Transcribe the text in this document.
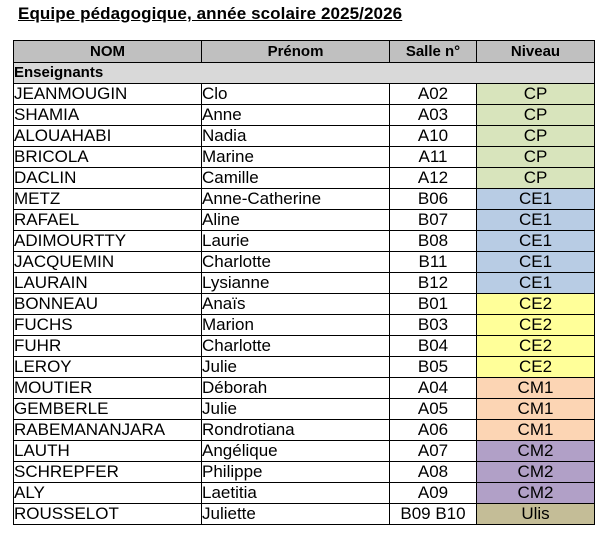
Equipe pédagogique, année scolaire 2025/2026
NOM	Prénom	Salle n°	Niveau
Enseignants			
JEANMOUGIN	Clo	A02	CP
SHAMIA	Anne	A03	CP
ALOUAHABI	Nadia	A10	CP
BRICOLA	Marine	A11	CP
DACLIN	Camille	A12	CP
METZ	Anne-Catherine	B06	CE1
RAFAEL	Aline	B07	CE1
ADIMOURTTY	Laurie	B08	CE1
JACQUEMIN	Charlotte	B11	CE1
LAURAIN	Lysianne	B12	CE1
BONNEAU	Anaïs	B01	CE2
FUCHS	Marion	B03	CE2
FUHR	Charlotte	B04	CE2
LEROY	Julie	B05	CE2
MOUTIER	Déborah	A04	CM1
GEMBERLE	Julie	A05	CM1
RABEMANANJARA	Rondrotiana	A06	CM1
LAUTH	Angélique	A07	CM2
SCHREPFER	Philippe	A08	CM2
ALY	Laetitia	A09	CM2
ROUSSELOT	Juliette	B09 B10	Ulis
